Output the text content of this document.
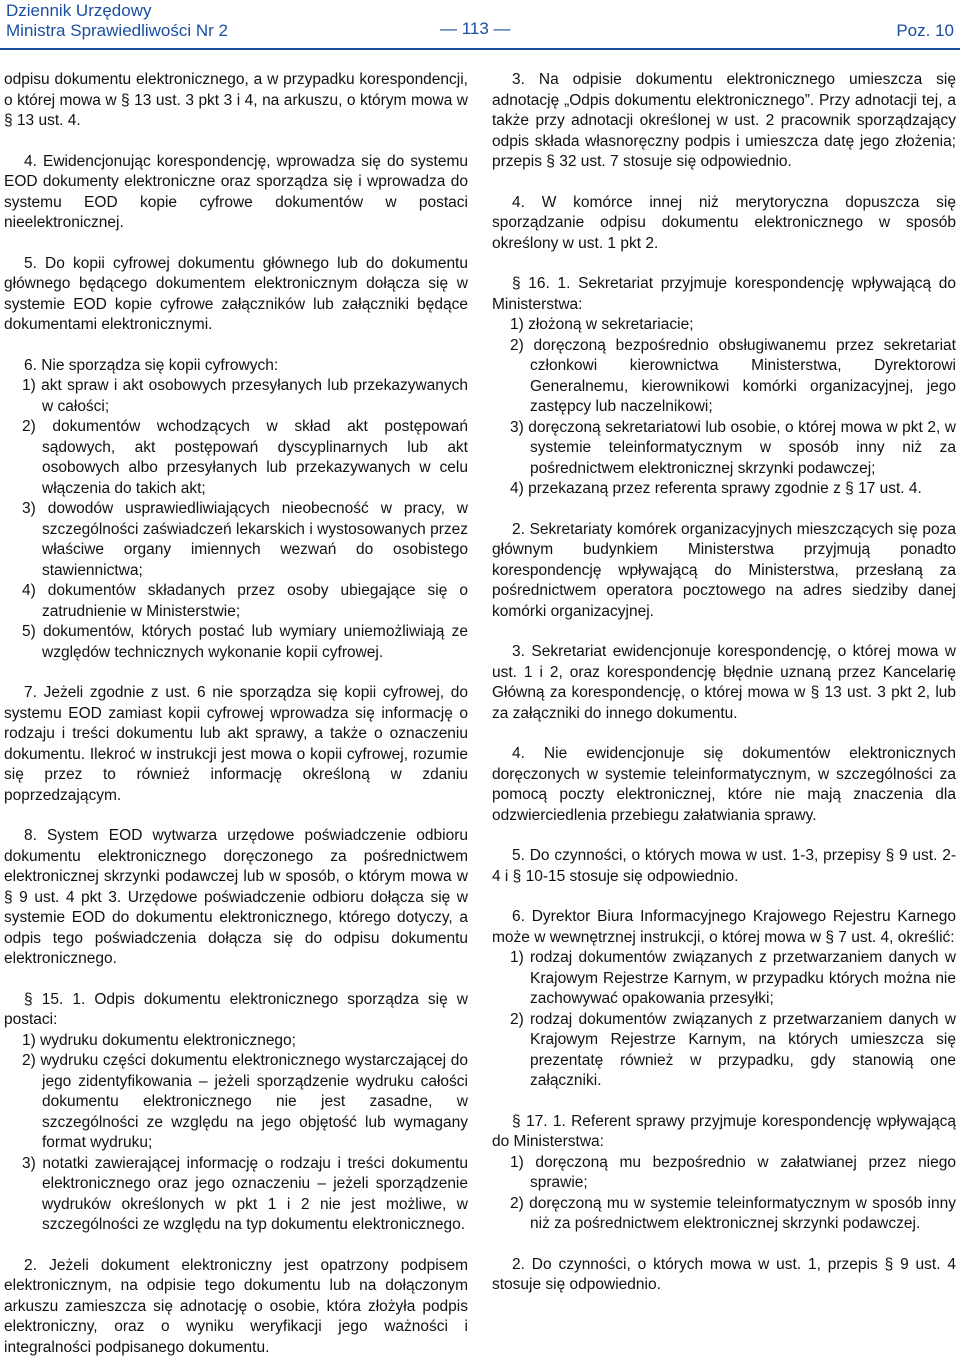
Dziennik Urzędowy
Ministra Sprawiedliwości Nr 2	— 113 —	Poz. 10

odpisu dokumentu elektronicznego, a w przypadku korespondencji, o której mowa w § 13 ust. 3 pkt 3 i 4, na arkuszu, o którym mowa w § 13 ust. 4.

4. Ewidencjonując korespondencję, wprowadza się do systemu EOD dokumenty elektroniczne oraz sporządza się i wprowadza do systemu EOD kopie cyfrowe dokumentów w postaci nieelektronicznej.

5. Do kopii cyfrowej dokumentu głównego lub do dokumentu głównego będącego dokumentem elektronicznym dołącza się w systemie EOD kopie cyfrowe załączników lub załączniki będące dokumentami elektronicznymi.

6. Nie sporządza się kopii cyfrowych:

1) akt spraw i akt osobowych przesyłanych lub przekazywanych w całości;

2) dokumentów wchodzących w skład akt postępowań sądowych, akt postępowań dyscyplinarnych lub akt osobowych albo przesyłanych lub przekazywanych w celu włączenia do takich akt;

3) dowodów usprawiedliwiających nieobecność w pracy, w szczególności zaświadczeń lekarskich i wystosowanych przez właściwe organy imiennych wezwań do osobistego stawiennictwa;

4) dokumentów składanych przez osoby ubiegające się o zatrudnienie w Ministerstwie;

5) dokumentów, których postać lub wymiary uniemożliwiają ze względów technicznych wykonanie kopii cyfrowej.

7. Jeżeli zgodnie z ust. 6 nie sporządza się kopii cyfrowej, do systemu EOD zamiast kopii cyfrowej wprowadza się informację o rodzaju i treści dokumentu lub akt sprawy, a także o oznaczeniu dokumentu. Ilekroć w instrukcji jest mowa o kopii cyfrowej, rozumie się przez to również informację określoną w zdaniu poprzedzającym.

8. System EOD wytwarza urzędowe poświadczenie odbioru dokumentu elektronicznego doręczonego za pośrednictwem elektronicznej skrzynki podawczej lub w sposób, o którym mowa w § 9 ust. 4 pkt 3. Urzędowe poświadczenie odbioru dołącza się w systemie EOD do dokumentu elektronicznego, którego dotyczy, a odpis tego poświadczenia dołącza się do odpisu dokumentu elektronicznego.

§ 15. 1. Odpis dokumentu elektronicznego sporządza się w postaci:

1) wydruku dokumentu elektronicznego;

2) wydruku części dokumentu elektronicznego wystarczającej do jego zidentyfikowania – jeżeli sporządzenie wydruku całości dokumentu elektronicznego nie jest zasadne, w szczególności ze względu na jego objętość lub wymagany format wydruku;

3) notatki zawierającej informację o rodzaju i treści dokumentu elektronicznego oraz jego oznaczeniu – jeżeli sporządzenie wydruków określonych w pkt 1 i 2 nie jest możliwe, w szczególności ze względu na typ dokumentu elektronicznego.

2. Jeżeli dokument elektroniczny jest opatrzony podpisem elektronicznym, na odpisie tego dokumentu lub na dołączonym arkuszu zamieszcza się adnotację o osobie, która złożyła podpis elektroniczny, oraz o wyniku weryfikacji jego ważności i integralności podpisanego dokumentu.

3. Na odpisie dokumentu elektronicznego umieszcza się adnotację „Odpis dokumentu elektronicznego”. Przy adnotacji tej, a także przy adnotacji określonej w ust. 2 pracownik sporządzający odpis składa własnoręczny podpis i umieszcza datę jego złożenia; przepis § 32 ust. 7 stosuje się odpowiednio.

4. W komórce innej niż merytoryczna dopuszcza się sporządzanie odpisu dokumentu elektronicznego w sposób określony w ust. 1 pkt 2.

§ 16. 1. Sekretariat przyjmuje korespondencję wpływającą do Ministerstwa:

1) złożoną w sekretariacie;

2) doręczoną bezpośrednio obsługiwanemu przez sekretariat członkowi kierownictwa Ministerstwa, Dyrektorowi Generalnemu, kierownikowi komórki organizacyjnej, jego zastępcy lub naczelnikowi;

3) doręczoną sekretariatowi lub osobie, o której mowa w pkt 2, w systemie teleinformatycznym w sposób inny niż za pośrednictwem elektronicznej skrzynki podawczej;

4) przekazaną przez referenta sprawy zgodnie z § 17 ust. 4.

2. Sekretariaty komórek organizacyjnych mieszczących się poza głównym budynkiem Ministerstwa przyjmują ponadto korespondencję wpływającą do Ministerstwa, przesłaną za pośrednictwem operatora pocztowego na adres siedziby danej komórki organizacyjnej.

3. Sekretariat ewidencjonuje korespondencję, o której mowa w ust. 1 i 2, oraz korespondencję błędnie uznaną przez Kancelarię Główną za korespondencję, o której mowa w § 13 ust. 3 pkt 2, lub za załączniki do innego dokumentu.

4. Nie ewidencjonuje się dokumentów elektronicznych doręczonych w systemie teleinformatycznym, w szczególności za pomocą poczty elektronicznej, które nie mają znaczenia dla odzwierciedlenia przebiegu załatwiania sprawy.

5. Do czynności, o których mowa w ust. 1-3, przepisy § 9 ust. 2-4 i § 10-15 stosuje się odpowiednio.

6. Dyrektor Biura Informacyjnego Krajowego Rejestru Karnego może w wewnętrznej instrukcji, o której mowa w § 7 ust. 4, określić:

1) rodzaj dokumentów związanych z przetwarzaniem danych w Krajowym Rejestrze Karnym, w przypadku których można nie zachowywać opakowania przesyłki;

2) rodzaj dokumentów związanych z przetwarzaniem danych w Krajowym Rejestrze Karnym, na których umieszcza się prezentatę również w przypadku, gdy stanowią one załączniki.

§ 17. 1. Referent sprawy przyjmuje korespondencję wpływającą do Ministerstwa:

1) doręczoną mu bezpośrednio w załatwianej przez niego sprawie;

2) doręczoną mu w systemie teleinformatycznym w sposób inny niż za pośrednictwem elektronicznej skrzynki podawczej.

2. Do czynności, o których mowa w ust. 1, przepis § 9 ust. 4 stosuje się odpowiednio.
